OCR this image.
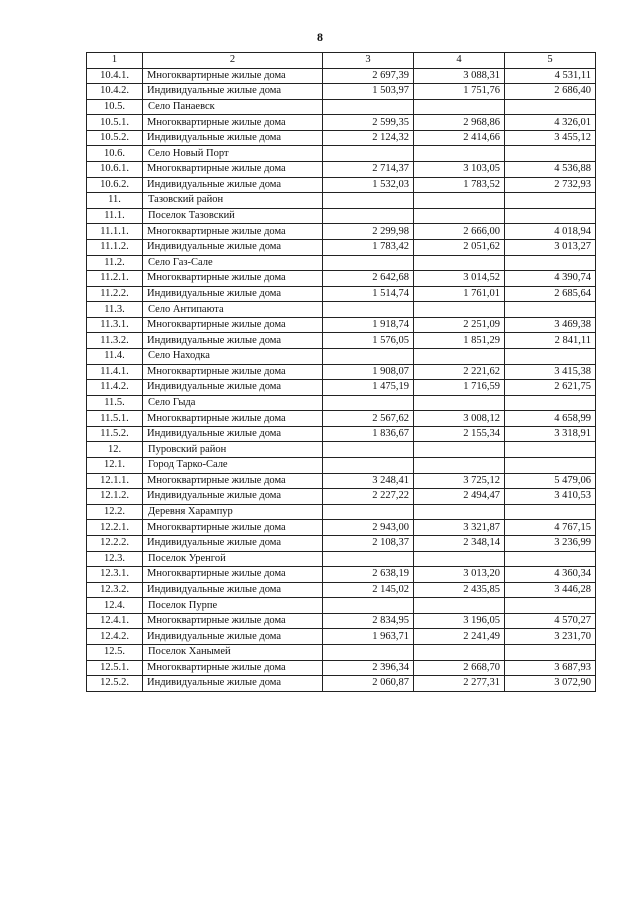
8
1	2	3	4	5
10.4.1.	Многоквартирные жилые дома	2 697,39	3 088,31	4 531,11
10.4.2.	Индивидуальные жилые дома	1 503,97	1 751,76	2 686,40
10.5.	Село Панаевск			
10.5.1.	Многоквартирные жилые дома	2 599,35	2 968,86	4 326,01
10.5.2.	Индивидуальные жилые дома	2 124,32	2 414,66	3 455,12
10.6.	Село Новый Порт			
10.6.1.	Многоквартирные жилые дома	2 714,37	3 103,05	4 536,88
10.6.2.	Индивидуальные жилые дома	1 532,03	1 783,52	2 732,93
11.	Тазовский район			
11.1.	Поселок Тазовский			
11.1.1.	Многоквартирные жилые дома	2 299,98	2 666,00	4 018,94
11.1.2.	Индивидуальные жилые дома	1 783,42	2 051,62	3 013,27
11.2.	Село Газ-Сале			
11.2.1.	Многоквартирные жилые дома	2 642,68	3 014,52	4 390,74
11.2.2.	Индивидуальные жилые дома	1 514,74	1 761,01	2 685,64
11.3.	Село Антипаюта			
11.3.1.	Многоквартирные жилые дома	1 918,74	2 251,09	3 469,38
11.3.2.	Индивидуальные жилые дома	1 576,05	1 851,29	2 841,11
11.4.	Село Находка			
11.4.1.	Многоквартирные жилые дома	1 908,07	2 221,62	3 415,38
11.4.2.	Индивидуальные жилые дома	1 475,19	1 716,59	2 621,75
11.5.	Село Гыда			
11.5.1.	Многоквартирные жилые дома	2 567,62	3 008,12	4 658,99
11.5.2.	Индивидуальные жилые дома	1 836,67	2 155,34	3 318,91
12.	Пуровский район			
12.1.	Город Тарко-Сале			
12.1.1.	Многоквартирные жилые дома	3 248,41	3 725,12	5 479,06
12.1.2.	Индивидуальные жилые дома	2 227,22	2 494,47	3 410,53
12.2.	Деревня Харампур			
12.2.1.	Многоквартирные жилые дома	2 943,00	3 321,87	4 767,15
12.2.2.	Индивидуальные жилые дома	2 108,37	2 348,14	3 236,99
12.3.	Поселок Уренгой			
12.3.1.	Многоквартирные жилые дома	2 638,19	3 013,20	4 360,34
12.3.2.	Индивидуальные жилые дома	2 145,02	2 435,85	3 446,28
12.4.	Поселок Пурпе			
12.4.1.	Многоквартирные жилые дома	2 834,95	3 196,05	4 570,27
12.4.2.	Индивидуальные жилые дома	1 963,71	2 241,49	3 231,70
12.5.	Поселок Ханымей			
12.5.1.	Многоквартирные жилые дома	2 396,34	2 668,70	3 687,93
12.5.2.	Индивидуальные жилые дома	2 060,87	2 277,31	3 072,90
